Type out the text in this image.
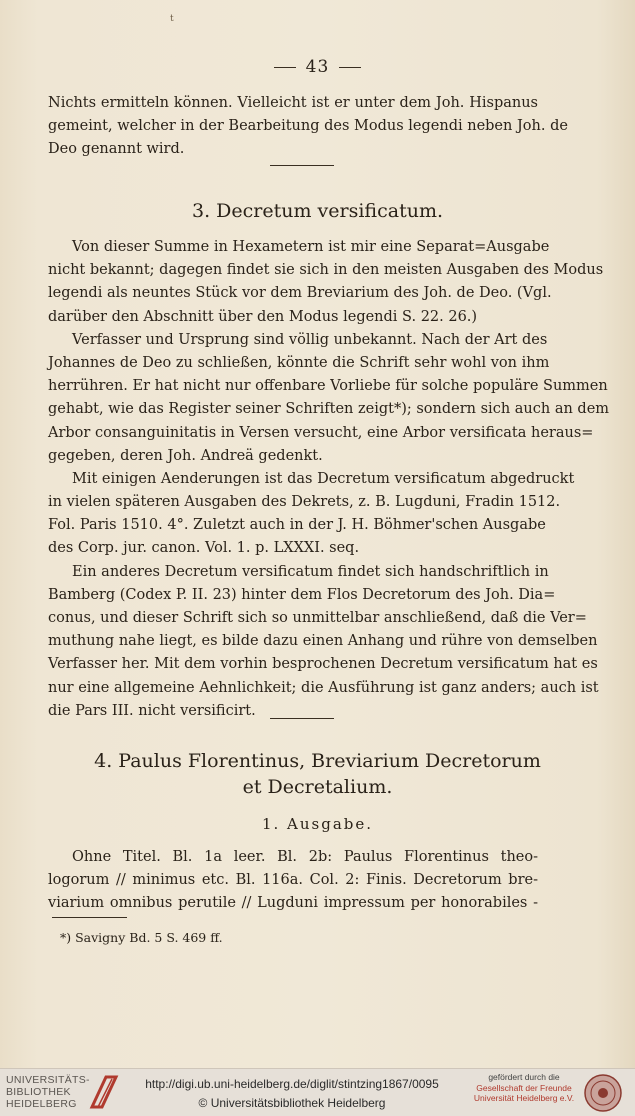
t
43
Nichts ermitteln können. Vielleicht ist er unter dem Joh. Hispanus
gemeint, welcher in der Bearbeitung des Modus legendi neben Joh. de
Deo genannt wird.
3. Decretum versificatum.
Von dieser Summe in Hexametern ist mir eine Separat=Ausgabe
nicht bekannt; dagegen findet sie sich in den meisten Ausgaben des Modus
legendi als neuntes Stück vor dem Breviarium des Joh. de Deo. (Vgl.
darüber den Abschnitt über den Modus legendi S. 22. 26.)
Verfasser und Ursprung sind völlig unbekannt. Nach der Art des
Johannes de Deo zu schließen, könnte die Schrift sehr wohl von ihm
herrühren. Er hat nicht nur offenbare Vorliebe für solche populäre Summen
gehabt, wie das Register seiner Schriften zeigt*); sondern sich auch an dem
Arbor consanguinitatis in Versen versucht, eine Arbor versificata heraus=
gegeben, deren Joh. Andreä gedenkt.
Mit einigen Aenderungen ist das Decretum versificatum abgedruckt
in vielen späteren Ausgaben des Dekrets, z. B. Lugduni, Fradin 1512.
Fol. Paris 1510. 4°. Zuletzt auch in der J. H. Böhmer'schen Ausgabe
des Corp. jur. canon. Vol. 1. p. LXXXI. seq.
Ein anderes Decretum versificatum findet sich handschriftlich in
Bamberg (Codex P. II. 23) hinter dem Flos Decretorum des Joh. Dia=
conus, und dieser Schrift sich so unmittelbar anschließend, daß die Ver=
muthung nahe liegt, es bilde dazu einen Anhang und rühre von demselben
Verfasser her. Mit dem vorhin besprochenen Decretum versificatum hat es
nur eine allgemeine Aehnlichkeit; die Ausführung ist ganz anders; auch ist
die Pars III. nicht versificirt.
4. Paulus Florentinus, Breviarium Decretorum
et Decretalium.
1. Ausgabe.
Ohne Titel. Bl. 1a leer. Bl. 2b: Paulus Florentinus theo-
logorum // minimus etc. Bl. 116a. Col. 2: Finis. Decretorum bre-
viarium omnibus perutile // Lugduni impressum per honorabiles -
*) Savigny Bd. 5 S. 469 ff.
UNIVERSITÄTS-
BIBLIOTHEK
HEIDELBERG
http://digi.ub.uni-heidelberg.de/diglit/stintzing1867/0095
© Universitätsbibliothek Heidelberg
gefördert durch die
Gesellschaft der Freunde
Universität Heidelberg e.V.
